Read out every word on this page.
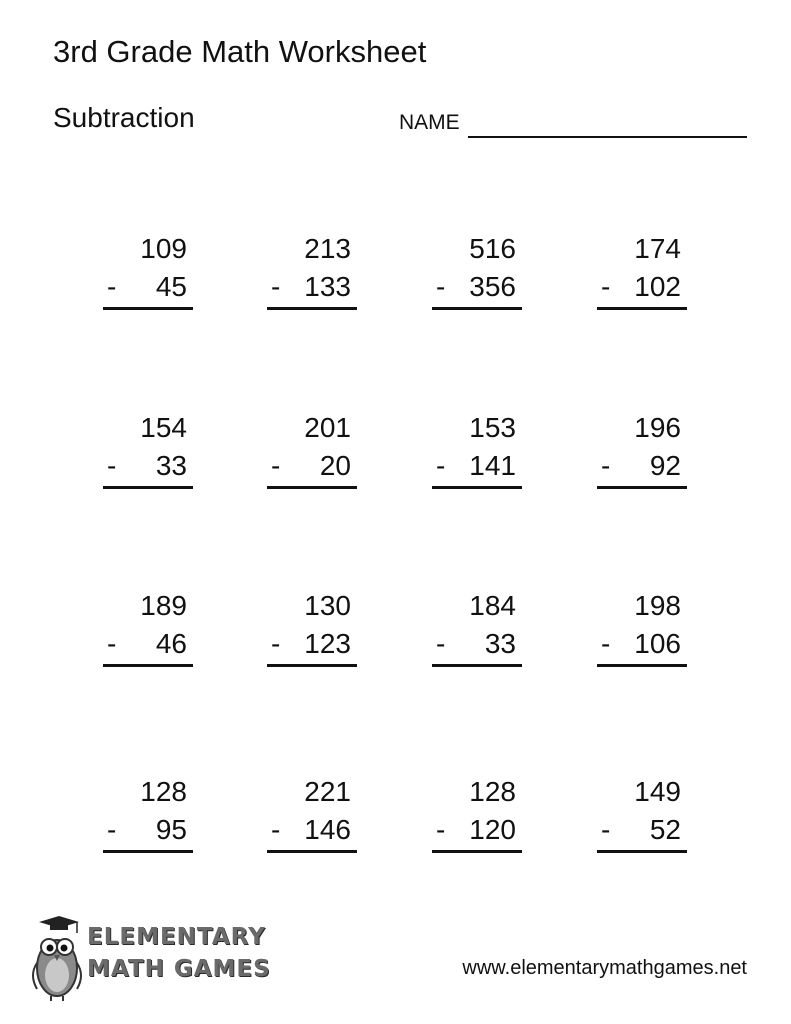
3rd Grade Math Worksheet
Subtraction	NAME
109
- 45
213
- 133
516
- 356
174
- 102
154
- 33
201
- 20
153
- 141
196
- 92
189
- 46
130
- 123
184
- 33
198
- 106
128
- 95
221
- 146
128
- 120
149
- 52
ELEMENTARY
MATH GAMES	www.elementarymathgames.net
